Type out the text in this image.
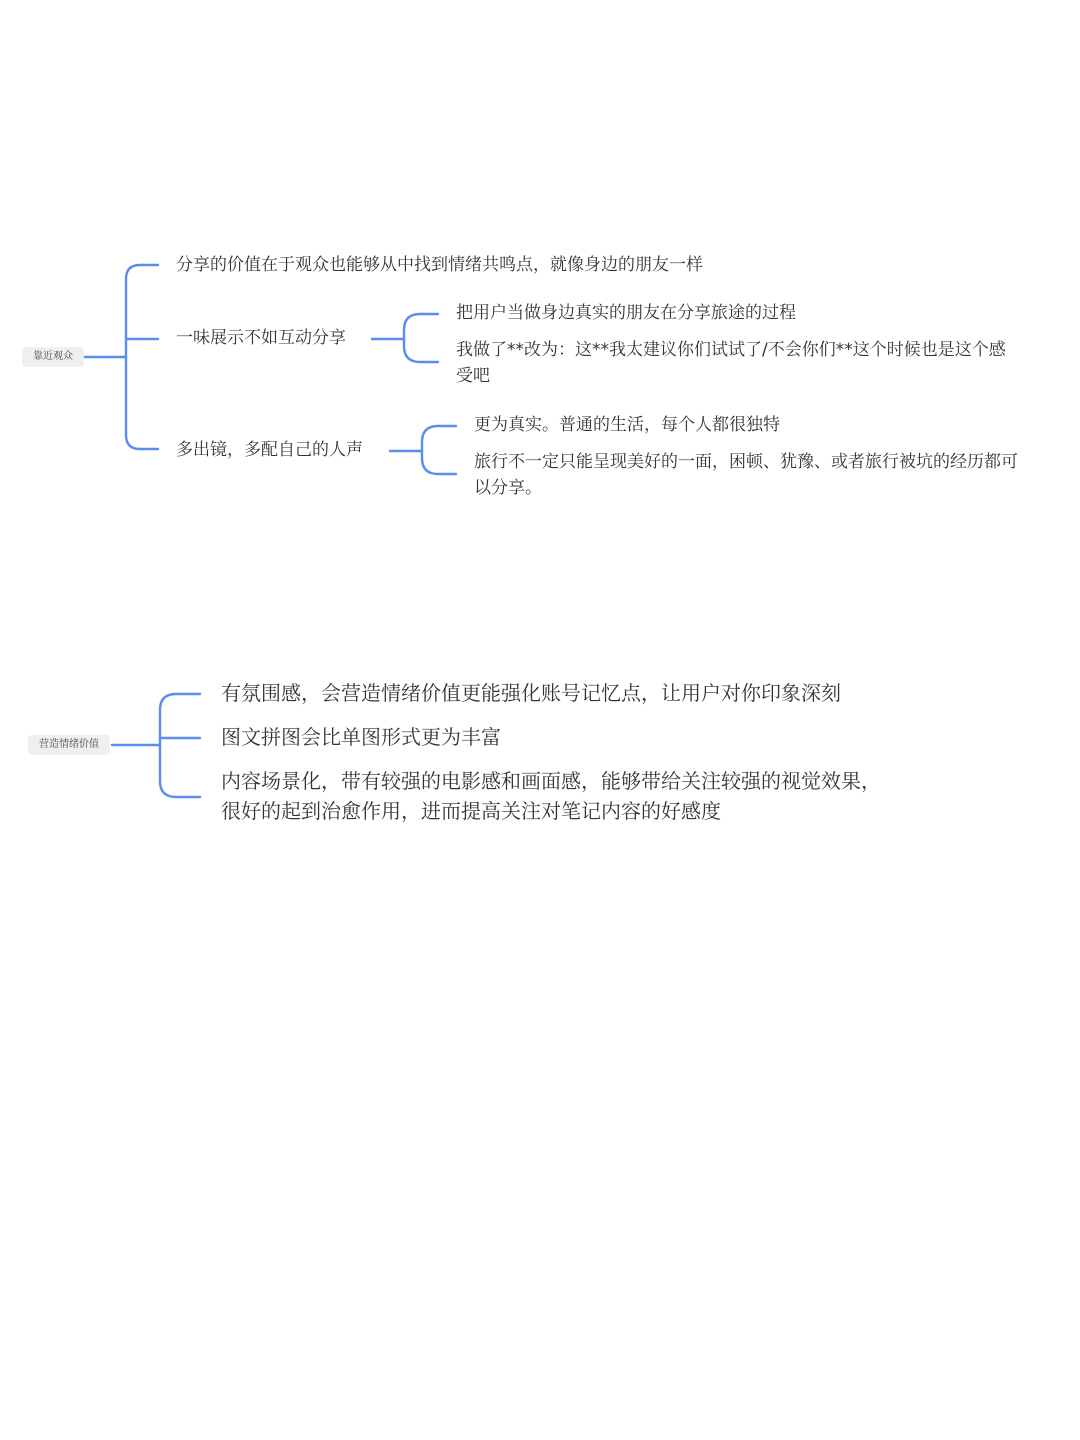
靠近观众
分享的价值在于观众也能够从中找到情绪共鸣点，就像身边的朋友一样
一味展示不如互动分享
把用户当做身边真实的朋友在分享旅途的过程
我做了**改为：这**我太建议你们试试了/不会你们**这个时候也是这个感受吧
多出镜，多配自己的人声
更为真实。普通的生活，每个人都很独特
旅行不一定只能呈现美好的一面，困顿、犹豫、或者旅行被坑的经历都可以分享。
营造情绪价值
有氛围感，会营造情绪价值更能强化账号记忆点，让用户对你印象深刻
图文拼图会比单图形式更为丰富
内容场景化，带有较强的电影感和画面感，能够带给关注较强的视觉效果，很好的起到治愈作用，进而提高关注对笔记内容的好感度
